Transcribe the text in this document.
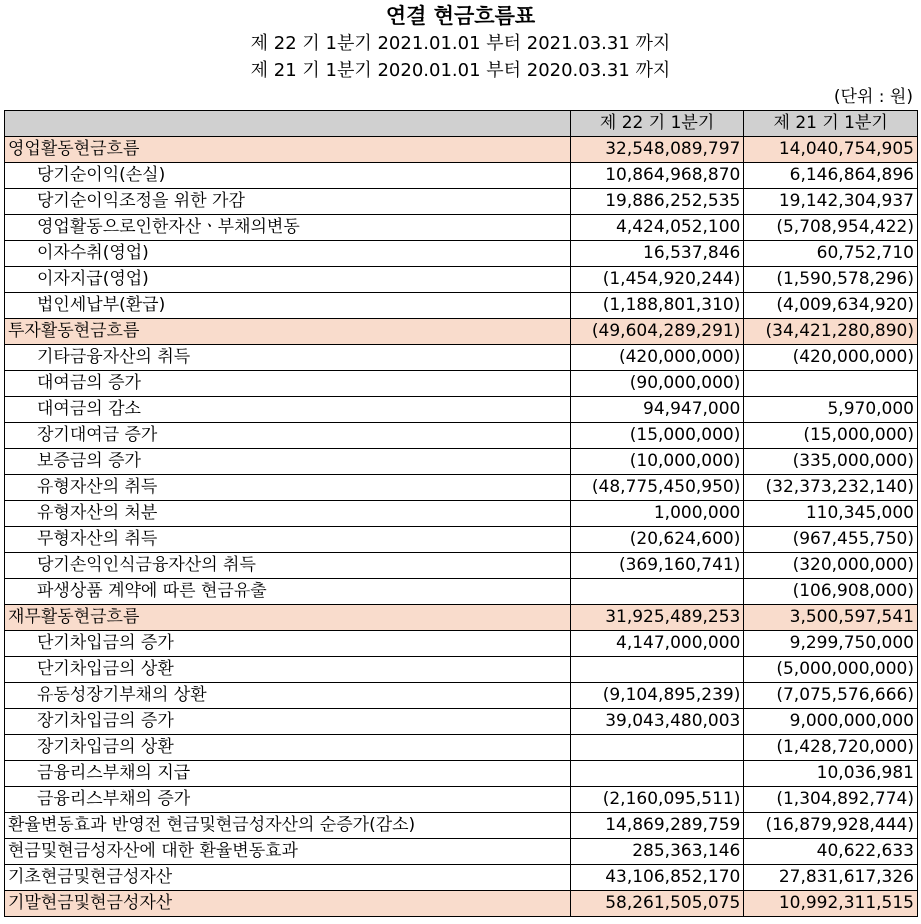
연결 현금흐름표
제 22 기 1분기 2021.01.01 부터 2021.03.31 까지
제 21 기 1분기 2020.01.01 부터 2020.03.31 까지
(단위 : 원)
	제 22 기 1분기	제 21 기 1분기
영업활동현금흐름	32,548,089,797	14,040,754,905
당기순이익(손실)	10,864,968,870	6,146,864,896
당기순이익조정을 위한 가감	19,886,252,535	19,142,304,937
영업활동으로인한자산ㆍ부채의변동	4,424,052,100	(5,708,954,422)
이자수취(영업)	16,537,846	60,752,710
이자지급(영업)	(1,454,920,244)	(1,590,578,296)
법인세납부(환급)	(1,188,801,310)	(4,009,634,920)
투자활동현금흐름	(49,604,289,291)	(34,421,280,890)
기타금융자산의 취득	(420,000,000)	(420,000,000)
대여금의 증가	(90,000,000)	
대여금의 감소	94,947,000	5,970,000
장기대여금 증가	(15,000,000)	(15,000,000)
보증금의 증가	(10,000,000)	(335,000,000)
유형자산의 취득	(48,775,450,950)	(32,373,232,140)
유형자산의 처분	1,000,000	110,345,000
무형자산의 취득	(20,624,600)	(967,455,750)
당기손익인식금융자산의 취득	(369,160,741)	(320,000,000)
파생상품 계약에 따른 현금유출		(106,908,000)
재무활동현금흐름	31,925,489,253	3,500,597,541
단기차입금의 증가	4,147,000,000	9,299,750,000
단기차입금의 상환		(5,000,000,000)
유동성장기부채의 상환	(9,104,895,239)	(7,075,576,666)
장기차입금의 증가	39,043,480,003	9,000,000,000
장기차입금의 상환		(1,428,720,000)
금융리스부채의 지급		10,036,981
금융리스부채의 증가	(2,160,095,511)	(1,304,892,774)
환율변동효과 반영전 현금및현금성자산의 순증가(감소)	14,869,289,759	(16,879,928,444)
현금및현금성자산에 대한 환율변동효과	285,363,146	40,622,633
기초현금및현금성자산	43,106,852,170	27,831,617,326
기말현금및현금성자산	58,261,505,075	10,992,311,515
